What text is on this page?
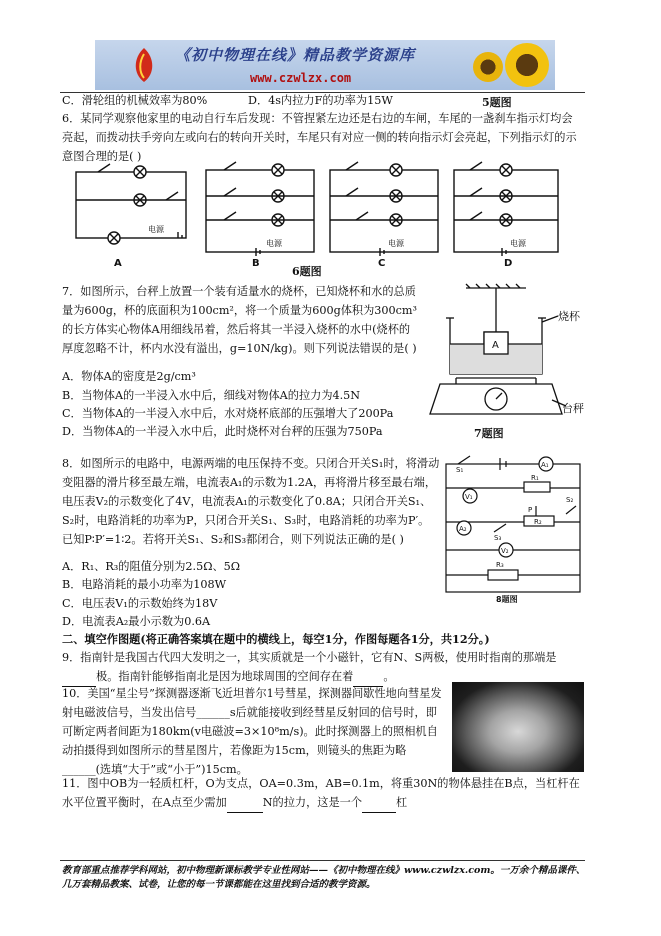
《初中物理在线》精品教学资源库
www.czwlzx.com
C．滑轮组的机械效率为80%	D．4s内拉力F的功率为15W	5题图
6．某同学观察他家里的电动自行车后发现：不管捏紧左边还是右边的车闸，车尾的一盏刹车指示灯均会亮起，而拨动扶手旁向左或向右的转向开关时，车尾只有对应一侧的转向指示灯会亮起，下列指示灯的示意图合理的是( )
A	B	C	D
电源
电源	电源	电源
6题图
7．如图所示，台秤上放置一个装有适量水的烧杯，已知烧杯和水的总质量为600g，杯的底面积为100cm²，将一个质量为600g体积为300cm³的长方体实心物体A用细线吊着，然后将其一半浸入烧杯的水中(烧杯的厚度忽略不计，杯内水没有溢出，g=10N/kg)。则下列说法错误的是( )
A．物体A的密度是2g/cm³
B．当物体A的一半浸入水中后，细线对物体A的拉力为4.5N
C．当物体A的一半浸入水中后，水对烧杯底部的压强增大了200Pa
D．当物体A的一半浸入水中后，此时烧杯对台秤的压强为750Pa
A
烧杯
台秤
7题图
8．如图所示的电路中，电源两端的电压保持不变。只闭合开关S₁时，将滑动变阻器的滑片移至最左端，电流表A₁的示数为1.2A，再将滑片移至最右端，电压表V₂的示数变化了4V，电流表A₁的示数变化了0.8A；只闭合开关S₁、S₂时，电路消耗的功率为P，只闭合开关S₁、S₃时，电路消耗的功率为P′。已知P∶P′=1∶2。若将开关S₁、S₂和S₃都闭合，则下列说法正确的是( )
A．R₁、R₃的阻值分别为2.5Ω、5Ω
B．电路消耗的最小功率为108W
C．电压表V₁的示数始终为18V
D．电流表A₂最小示数为0.6A
S₁
A₁
R₁
V₁
A₂
P
R₂
S₂
S₃
V₂
R₃
8题图
二、填空作图题(将正确答案填在题中的横线上，每空1分，作图每题各1分，共12分。)
9．指南针是我国古代四大发明之一，其实质就是一个小磁针，它有N、S两极，使用时指南的那端是 极。指南针能够指南北是因为地球周围的空间存在着	。
10．美国“星尘号”探测器逐渐飞近坦普尔1号彗星，探测器间歇性地向彗星发射电磁波信号，当发出信号______s后就能接收到经彗星反射回的信号时，即可断定两者间距为180km(v电磁波=3×10⁸m/s)。此时探测器上的照相机自动拍摄得到如图所示的彗星图片，若像距为15cm，则镜头的焦距为略______(选填“大于”或“小于”)15cm。
11．图中OB为一轻质杠杆，O为支点，OA=0.3m，AB=0.1m，将重30N的物体悬挂在B点，当杠杆在水平位置平衡时，在A点至少需加	N的拉力，这是一个	杠
教育部重点推荐学科网站，初中物理新课标教学专业性网站——《初中物理在线》www.czwlzx.com。一万余个精品课件、
几万套精品教案、试卷，让您的每一节课都能在这里找到合适的教学资源。
